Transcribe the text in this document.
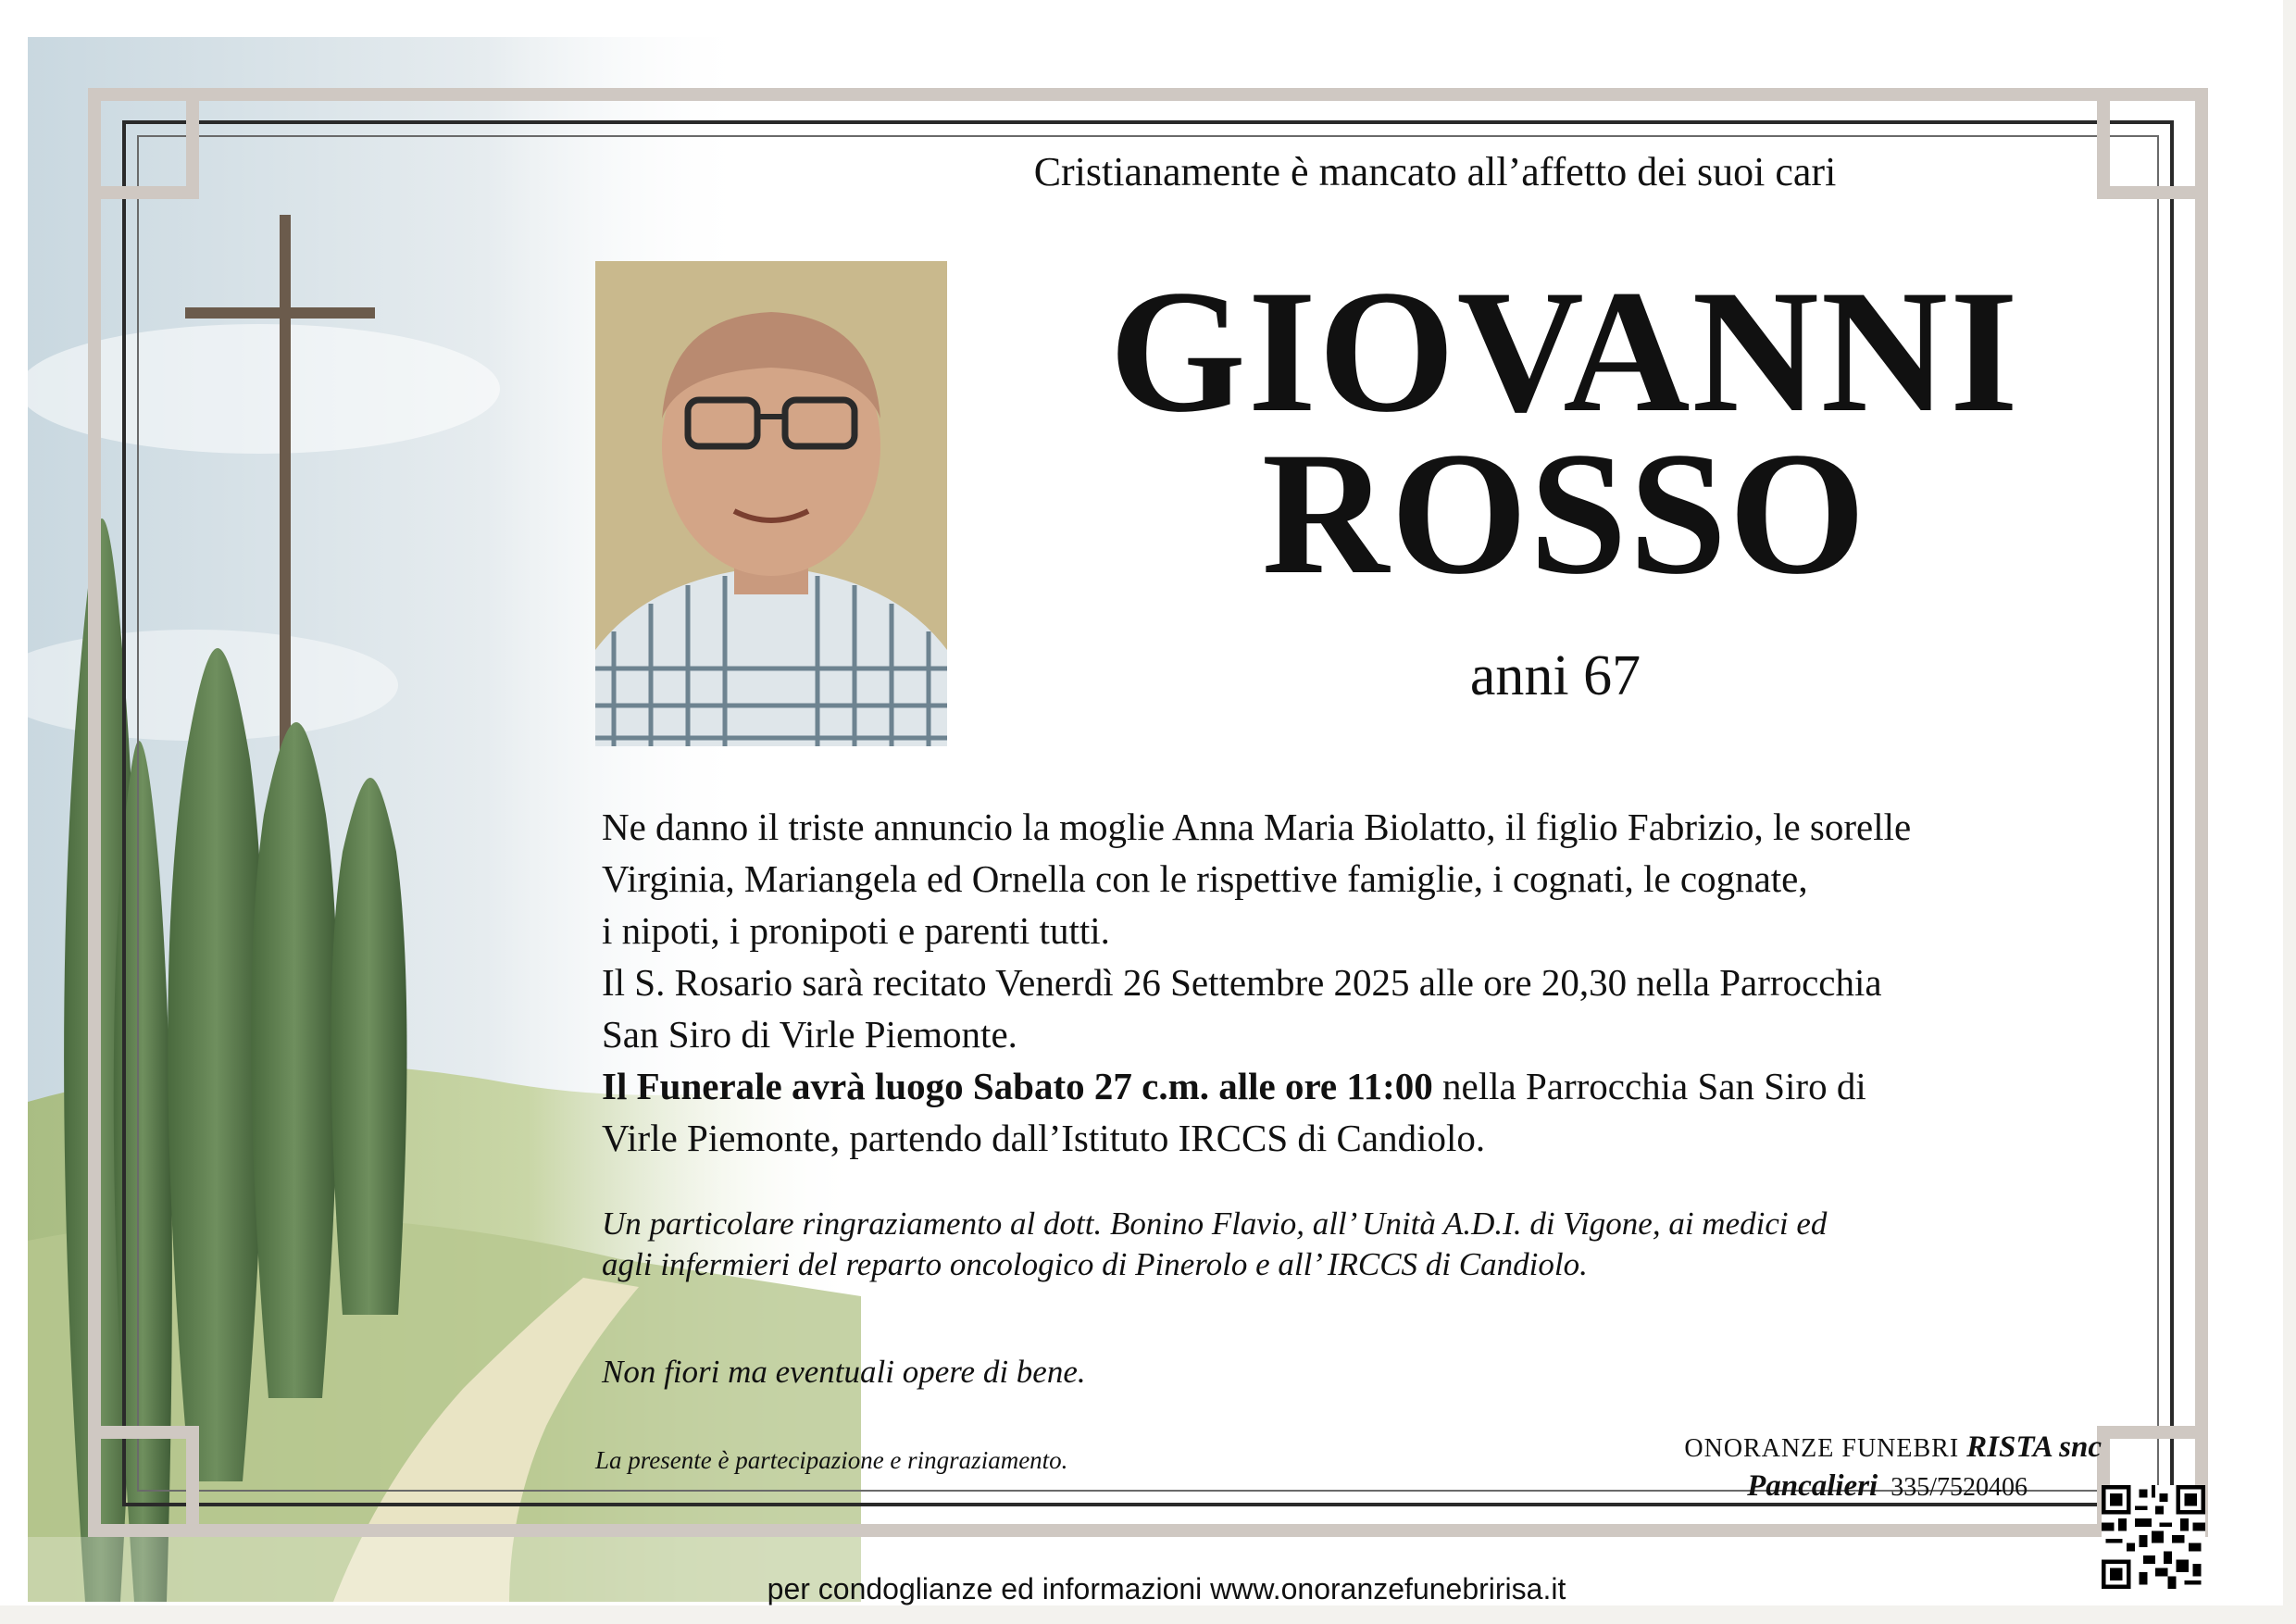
Cristianamente è mancato all’affetto dei suoi cari
GIOVANNI
ROSSO
anni 67

Ne danno il triste annuncio la moglie Anna Maria Biolatto, il figlio Fabrizio, le sorelle

Virginia, Mariangela ed Ornella con le rispettive famiglie, i cognati, le cognate,

i nipoti, i pronipoti e parenti tutti.

Il S. Rosario sarà recitato Venerdì 26 Settembre 2025 alle ore 20,30 nella Parrocchia

San Siro di Virle Piemonte.

Il Funerale avrà luogo Sabato 27 c.m. alle ore 11:00 nella Parrocchia San Siro di

Virle Piemonte, partendo dall’Istituto IRCCS di Candiolo.

Un particolare ringraziamento al dott. Bonino Flavio, all’ Unità A.D.I. di Vigone, ai medici ed

agli infermieri del reparto oncologico di Pinerolo e all’ IRCCS di Candiolo.

Non fiori ma eventuali opere di bene.
La presente è partecipazione e ringraziamento.	ONORANZE FUNEBRI RISTA snc
Pancalieri 335/7520406
per condoglianze ed informazioni www.onoranzefunebririsa.it
